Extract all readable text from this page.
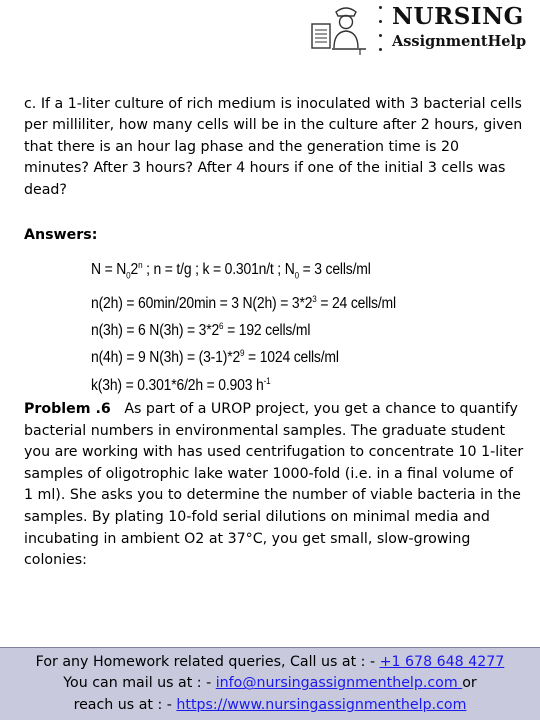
NURSING
AssignmentHelp

c. If a 1-liter culture of rich medium is inoculated with 3 bacterial cells per milliliter, how many cells will be in the culture after 2 hours, given that there is an hour lag phase and the generation time is 20 minutes? After 3 hours? After 4 hours if one of the initial 3 cells was dead?

Answers:
$N = N_02^n$ ; n = t/g ; k = 0.301n/t ; $N_0 = 3$ cells/ml
n(2h) = 60min/20min = 3 $N(2h) = 3*2^3 = 24$ cells/ml
n(3h) = 6 $N(3h) = 3*2^6 = 192$ cells/ml
n(4h) = 9 $N(3h) = (3-1)*2^9 = 1024$ cells/ml
k(3h) = 0.301*6/2h = 0.903 $h^{-1}$

Problem .6 As part of a UROP project, you get a chance to quantify bacterial numbers in environmental samples. The graduate student you are working with has used centrifugation to concentrate 10 1-liter samples of oligotrophic lake water 1000-fold (i.e. in a final volume of 1 ml). She asks you to determine the number of viable bacteria in the samples. By plating 10-fold serial dilutions on minimal media and incubating in ambient O2 at 37°C, you get small, slow-growing colonies:

For any Homework related queries, Call us at : - +1 678 648 4277
You can mail us at : - info@nursingassignmenthelp.com or
reach us at : - https://www.nursingassignmenthelp.com
